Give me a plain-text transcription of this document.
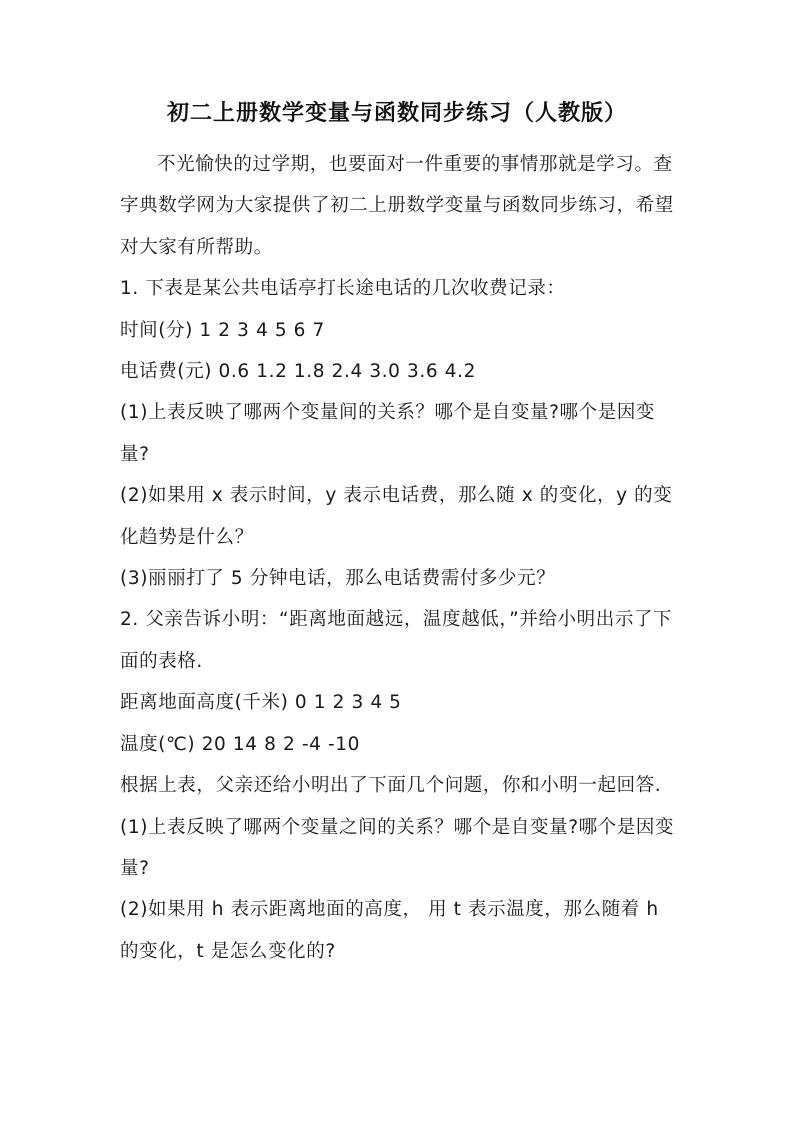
初二上册数学变量与函数同步练习（人教版）

不光愉快的过学期，也要面对一件重要的事情那就是学习。查字典数学网为大家提供了初二上册数学变量与函数同步练习，希望对大家有所帮助。

1. 下表是某公共电话亭打长途电话的几次收费记录：

时间(分) 1 2 3 4 5 6 7

电话费(元) 0.6 1.2 1.8 2.4 3.0 3.6 4.2

(1)上表反映了哪两个变量间的关系？哪个是自变量?哪个是因变量?

(2)如果用 x 表示时间，y 表示电话费，那么随 x 的变化，y 的变化趋势是什么？

(3)丽丽打了 5 分钟电话，那么电话费需付多少元？

2. 父亲告诉小明：“距离地面越远，温度越低，”并给小明出示了下面的表格.

距离地面高度(千米) 0 1 2 3 4 5

温度(℃) 20 14 8 2 -4 -10

根据上表，父亲还给小明出了下面几个问题，你和小明一起回答.

(1)上表反映了哪两个变量之间的关系？哪个是自变量?哪个是因变量?

(2)如果用 h 表示距离地面的高度， 用 t 表示温度，那么随着 h 的变化，t 是怎么变化的?
